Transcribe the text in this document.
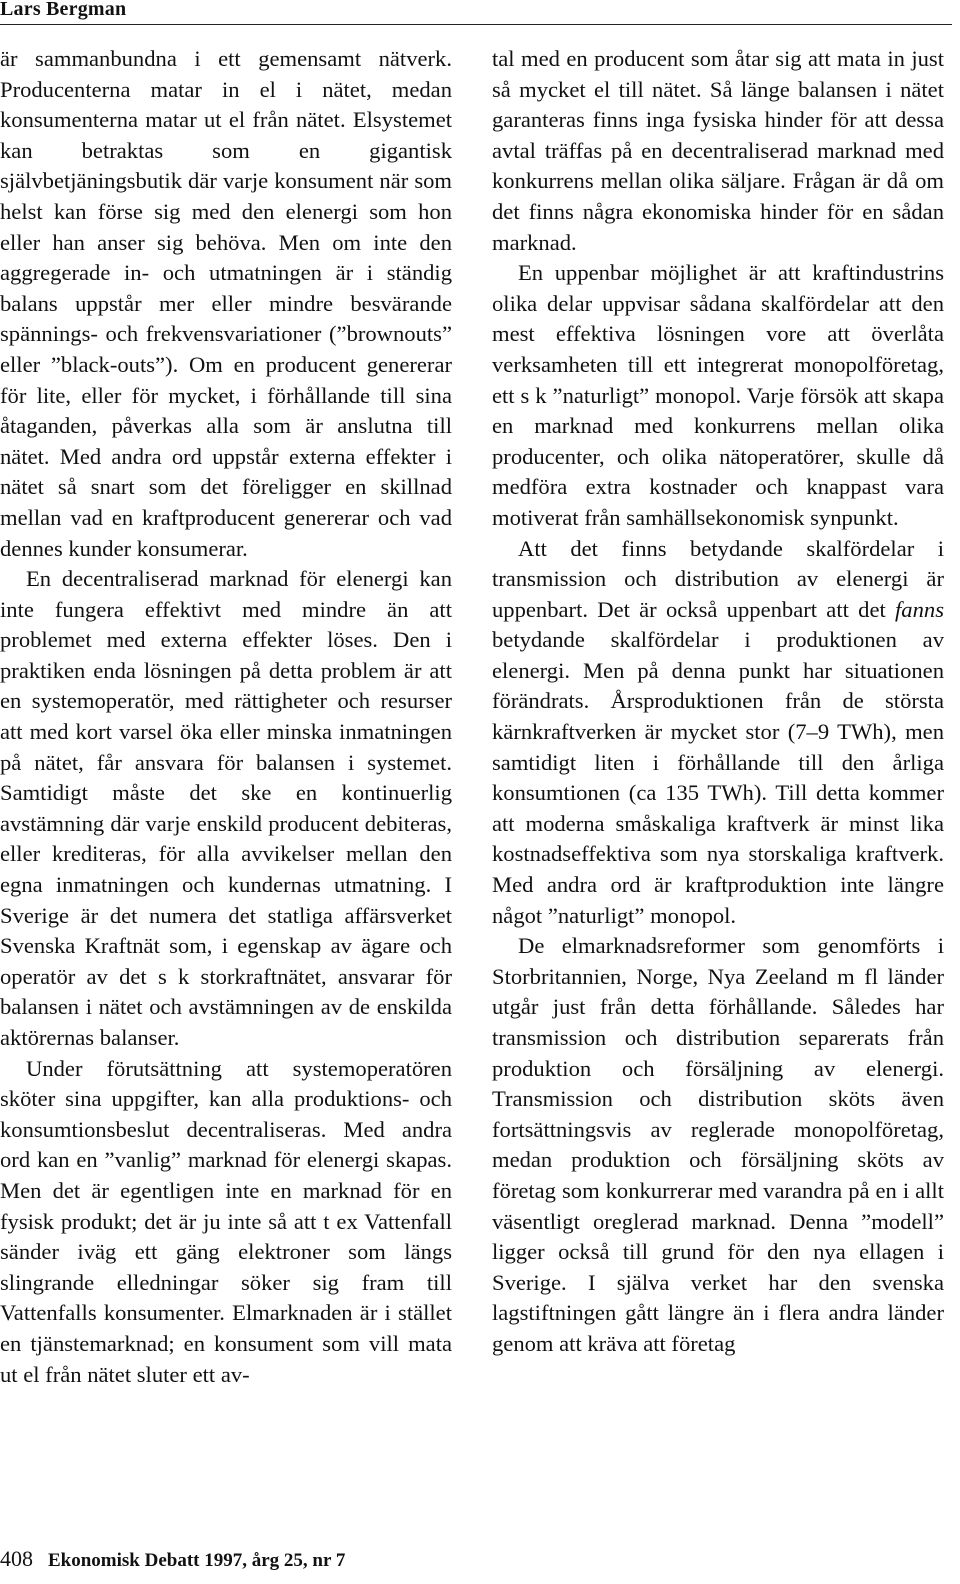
Lars Bergman

är sammanbundna i ett gemensamt nätverk. Producenterna matar in el i nätet, medan konsumenterna matar ut el från nätet. Elsystemet kan betraktas som en gigantisk självbetjäningsbutik där varje konsument när som helst kan förse sig med den elenergi som hon eller han anser sig behöva. Men om inte den aggregerade in- och utmatningen är i ständig balans uppstår mer eller mindre besvärande spännings- och frekvensvariationer (”brownouts” eller ”black-outs”). Om en producent genererar för lite, eller för mycket, i förhållande till sina åtaganden, påverkas alla som är anslutna till nätet. Med andra ord uppstår externa effekter i nätet så snart som det föreligger en skillnad mellan vad en kraftproducent genererar och vad dennes kunder konsumerar.

En decentraliserad marknad för elenergi kan inte fungera effektivt med mindre än att problemet med externa effekter löses. Den i praktiken enda lösningen på detta problem är att en systemoperatör, med rättigheter och resurser att med kort varsel öka eller minska inmatningen på nätet, får ansvara för balansen i systemet. Samtidigt måste det ske en kontinuerlig avstämning där varje enskild producent debiteras, eller krediteras, för alla avvikelser mellan den egna inmatningen och kundernas utmatning. I Sverige är det numera det statliga affärsverket Svenska Kraftnät som, i egenskap av ägare och operatör av det s k storkraftnätet, ansvarar för balansen i nätet och avstämningen av de enskilda aktörernas balanser.

Under förutsättning att systemoperatören sköter sina uppgifter, kan alla produktions- och konsumtionsbeslut decentraliseras. Med andra ord kan en ”vanlig” marknad för elenergi skapas. Men det är egentligen inte en marknad för en fysisk produkt; det är ju inte så att t ex Vattenfall sänder iväg ett gäng elektroner som längs slingrande elledningar söker sig fram till Vattenfalls konsumenter. Elmarknaden är i stället en tjänstemarknad; en konsument som vill mata ut el från nätet sluter ett av-

tal med en producent som åtar sig att mata in just så mycket el till nätet. Så länge balansen i nätet garanteras finns inga fysiska hinder för att dessa avtal träffas på en decentraliserad marknad med konkurrens mellan olika säljare. Frågan är då om det finns några ekonomiska hinder för en sådan marknad.

En uppenbar möjlighet är att kraftindustrins olika delar uppvisar sådana skalfördelar att den mest effektiva lösningen vore att överlåta verksamheten till ett integrerat monopolföretag, ett s k ”naturligt” monopol. Varje försök att skapa en marknad med konkurrens mellan olika producenter, och olika nätoperatörer, skulle då medföra extra kostnader och knappast vara motiverat från samhällsekonomisk synpunkt.

Att det finns betydande skalfördelar i transmission och distribution av elenergi är uppenbart. Det är också uppenbart att det fanns betydande skalfördelar i produktionen av elenergi. Men på denna punkt har situationen förändrats. Årsproduktionen från de största kärnkraftverken är mycket stor (7–9 TWh), men samtidigt liten i förhållande till den årliga konsumtionen (ca 135 TWh). Till detta kommer att moderna småskaliga kraftverk är minst lika kostnadseffektiva som nya storskaliga kraftverk. Med andra ord är kraftproduktion inte längre något ”naturligt” monopol.

De elmarknadsreformer som genomförts i Storbritannien, Norge, Nya Zeeland m fl länder utgår just från detta förhållande. Således har transmission och distribution separerats från produktion och försäljning av elenergi. Transmission och distribution sköts även fortsättningsvis av reglerade monopolföretag, medan produktion och försäljning sköts av företag som konkurrerar med varandra på en i allt väsentligt oreglerad marknad. Denna ”modell” ligger också till grund för den nya ellagen i Sverige. I själva verket har den svenska lagstiftningen gått längre än i flera andra länder genom att kräva att företag

408 Ekonomisk Debatt 1997, årg 25, nr 7
